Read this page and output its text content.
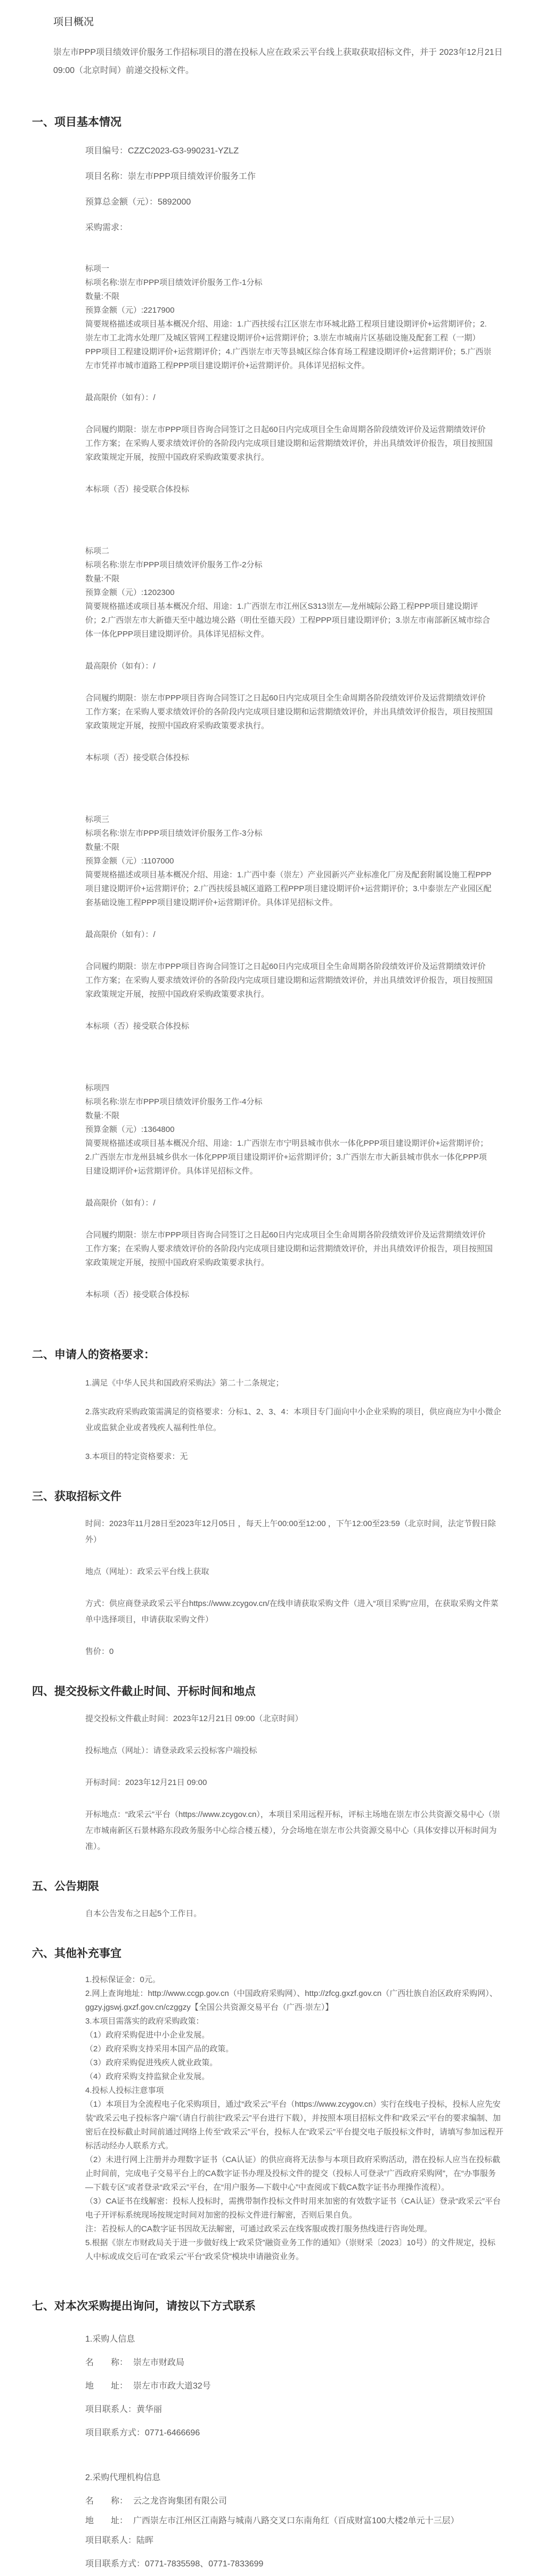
项目概况

崇左市PPP项目绩效评价服务工作招标项目的潜在投标人应在政采云平台线上获取获取招标文件，并于 2023年12月21日 09:00（北京时间）前递交投标文件。

一、项目基本情况

项目编号：CZZC2023-G3-990231-YZLZ

项目名称：崇左市PPP项目绩效评价服务工作

预算总金额（元）：5892000

采购需求：

标项一

标项名称:崇左市PPP项目绩效评价服务工作-1分标

数量:不限

预算金额（元）:2217900

简要规格描述或项目基本概况介绍、用途：1.广西扶绥右江区崇左市环城北路工程项目建设期评价+运营期评价；2.崇左市工北湾水处理厂及城区管网工程建设期评价+运营期评价；3.崇左市城南片区基础设施及配套工程（一期）PPP项目工程建设期评价+运营期评价；4.广西崇左市天等县城区综合体育场工程建设期评价+运营期评价；5.广西崇左市凭祥市城市道路工程PPP项目建设期评价+运营期评价。具体详见招标文件。

最高限价（如有）：/

合同履约期限：崇左市PPP项目咨询合同签订之日起60日内完成项目全生命周期各阶段绩效评价及运营期绩效评价工作方案；在采购人要求绩效评价的各阶段内完成项目建设期和运营期绩效评价，并出具绩效评价报告，项目按照国家政策规定开展，按照中国政府采购政策要求执行。

本标项（否）接受联合体投标

标项二

标项名称:崇左市PPP项目绩效评价服务工作-2分标

数量:不限

预算金额（元）:1202300

简要规格描述或项目基本概况介绍、用途：1.广西崇左市江州区S313崇左—龙州城际公路工程PPP项目建设期评价；2.广西崇左市大新德天至中越边境公路（明仕至德天段）工程PPP项目建设期评价；3.崇左市南部新区城市综合体一体化PPP项目建设期评价。具体详见招标文件。

最高限价（如有）：/

合同履约期限：崇左市PPP项目咨询合同签订之日起60日内完成项目全生命周期各阶段绩效评价及运营期绩效评价工作方案；在采购人要求绩效评价的各阶段内完成项目建设期和运营期绩效评价，并出具绩效评价报告，项目按照国家政策规定开展，按照中国政府采购政策要求执行。

本标项（否）接受联合体投标

标项三

标项名称:崇左市PPP项目绩效评价服务工作-3分标

数量:不限

预算金额（元）:1107000

简要规格描述或项目基本概况介绍、用途：1.广西中泰（崇左）产业园新兴产业标准化厂房及配套附属设施工程PPP项目建设期评价+运营期评价；2.广西扶绥县城区道路工程PPP项目建设期评价+运营期评价；3.中泰崇左产业园区配套基础设施工程PPP项目建设期评价+运营期评价。具体详见招标文件。

最高限价（如有）：/

合同履约期限：崇左市PPP项目咨询合同签订之日起60日内完成项目全生命周期各阶段绩效评价及运营期绩效评价工作方案；在采购人要求绩效评价的各阶段内完成项目建设期和运营期绩效评价，并出具绩效评价报告，项目按照国家政策规定开展，按照中国政府采购政策要求执行。

本标项（否）接受联合体投标

标项四

标项名称:崇左市PPP项目绩效评价服务工作-4分标

数量:不限

预算金额（元）:1364800

简要规格描述或项目基本概况介绍、用途：1.广西崇左市宁明县城市供水一体化PPP项目建设期评价+运营期评价；2.广西崇左市龙州县城乡供水一体化PPP项目建设期评价+运营期评价；3.广西崇左市大新县城市供水一体化PPP项目建设期评价+运营期评价。具体详见招标文件。

最高限价（如有）：/

合同履约期限：崇左市PPP项目咨询合同签订之日起60日内完成项目全生命周期各阶段绩效评价及运营期绩效评价工作方案；在采购人要求绩效评价的各阶段内完成项目建设期和运营期绩效评价，并出具绩效评价报告，项目按照国家政策规定开展，按照中国政府采购政策要求执行。

本标项（否）接受联合体投标

二、申请人的资格要求：

1.满足《中华人民共和国政府采购法》第二十二条规定；

2.落实政府采购政策需满足的资格要求：分标1、2、3、4：本项目专门面向中小企业采购的项目，供应商应为中小微企业或监狱企业或者残疾人福利性单位。

3.本项目的特定资格要求：无

三、获取招标文件

时间：2023年11月28日至2023年12月05日 ，每天上午00:00至12:00 ，下午12:00至23:59（北京时间，法定节假日除外）

地点（网址）：政采云平台线上获取

方式：供应商登录政采云平台https://www.zcygov.cn/在线申请获取采购文件（进入“项目采购”应用，在获取采购文件菜单中选择项目，申请获取采购文件）

售价：0

四、提交投标文件截止时间、开标时间和地点

提交投标文件截止时间：2023年12月21日 09:00（北京时间）

投标地点（网址）：请登录政采云投标客户端投标

开标时间：2023年12月21日 09:00

开标地点：“政采云”平台（https://www.zcygov.cn），本项目采用远程开标，评标主场地在崇左市公共资源交易中心（崇左市城南新区石景林路东段政务服务中心综合楼五楼），分会场地在崇左市公共资源交易中心（具体安排以开标时间为准）。

五、公告期限

自本公告发布之日起5个工作日。

六、其他补充事宜

1.投标保证金：0元。

2.网上查询地址：http://www.ccgp.gov.cn（中国政府采购网）、http://zfcg.gxzf.gov.cn（广西壮族自治区政府采购网）、ggzy.jgswj.gxzf.gov.cn/czggzy【全国公共资源交易平台（广西·崇左）】

3.本项目需落实的政府采购政策：

（1）政府采购促进中小企业发展。

（2）政府采购支持采用本国产品的政策。

（3）政府采购促进残疾人就业政策。

（4）政府采购支持监狱企业发展。

4.投标人投标注意事项

（1）本项目为全流程电子化采购项目，通过“政采云”平台（https://www.zcygov.cn）实行在线电子投标，投标人应先安装“政采云电子投标客户端”（请自行前往“政采云”平台进行下载），并按照本项目招标文件和“政采云”平台的要求编制、加密后在投标截止时间前通过网络上传至“政采云”平台，投标人在“政采云”平台提交电子版投标文件时，请填写参加远程开标活动经办人联系方式。

（2）未进行网上注册并办理数字证书（CA认证）的供应商将无法参与本项目政府采购活动，潜在投标人应当在投标截止时间前，完成电子交易平台上的CA数字证书办理及投标文件的提交（投标人可登录“广西政府采购网”，在“办事服务—下载专区”或者登录“政采云”平台，在“用户服务—下载中心”中查阅或下载CA数字证书办理操作流程）。

（3）CA证书在线解密：投标人投标时，需携带制作投标文件时用来加密的有效数字证书（CA认证）登录“政采云”平台电子开评标系统现场按规定时间对加密的投标文件进行解密，否则后果自负。

注：若投标人的CA数字证书因故无法解密，可通过政采云在线客服或拨打服务热线进行咨询处理。

5.根据《崇左市财政局关于进一步做好线上“政采贷”融资业务工作的通知》（崇财采〔2023〕10号）的文件规定，投标人中标或成交后可在“政采云”平台“政采贷”模块申请融资业务。

七、对本次采购提出询问，请按以下方式联系

1.采购人信息

名　　称： 崇左市财政局
地　　址： 崇左市市政大道32号
项目联系人：黄华丽
项目联系方式：0771-6466696

2.采购代理机构信息

名　　称： 云之龙咨询集团有限公司
地　　址： 广西崇左市江州区江南路与城南八路交叉口东南角红（百成财富100大楼2单元十三层）
项目联系人：陆晖
项目联系方式：0771-7835598、0771-7833699
